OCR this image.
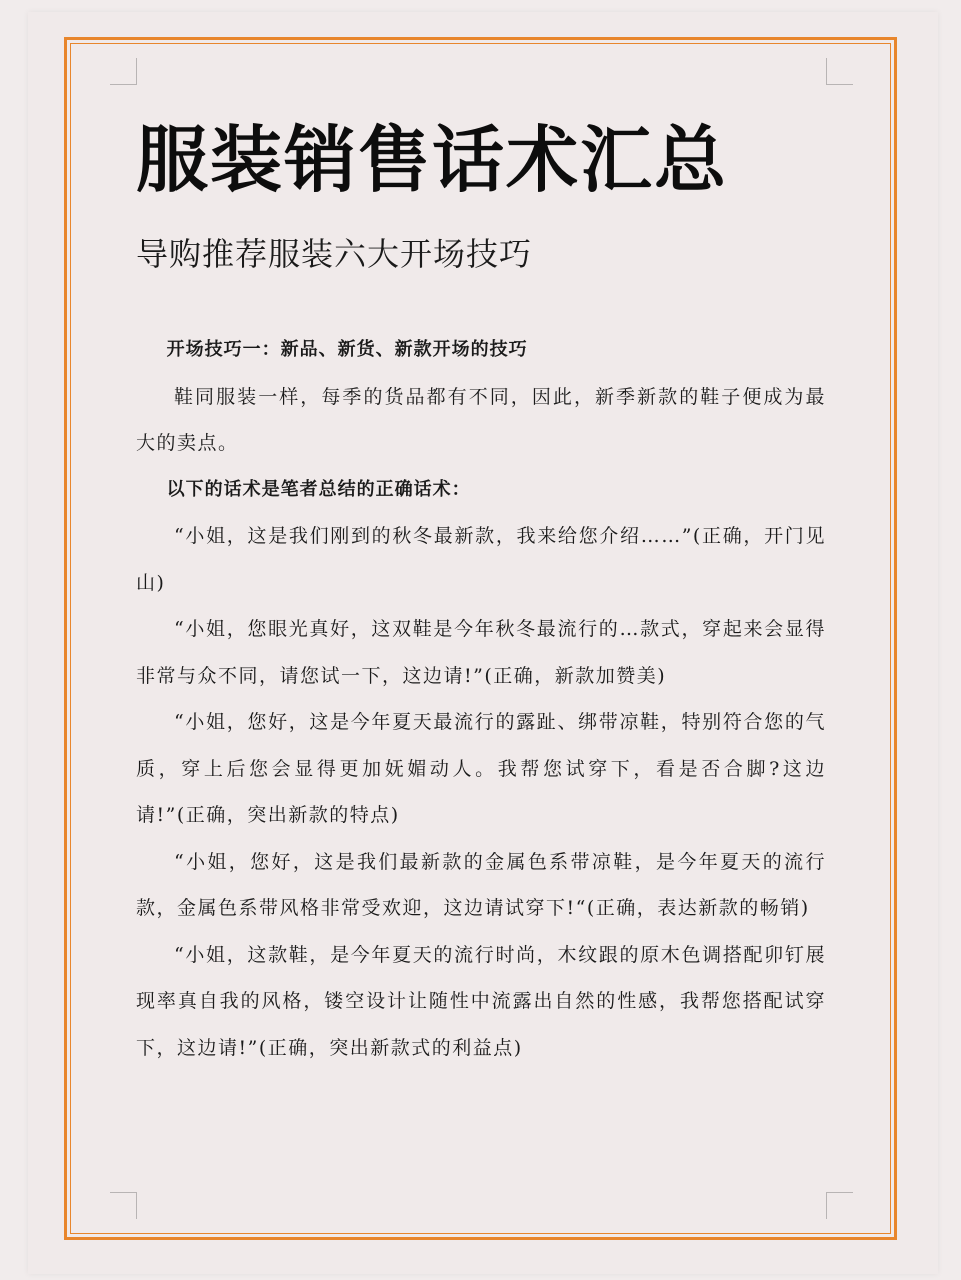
服装销售话术汇总
导购推荐服装六大开场技巧

开场技巧一：新品、新货、新款开场的技巧

鞋同服装一样，每季的货品都有不同，因此，新季新款的鞋子便成为最大的卖点。

以下的话术是笔者总结的正确话术：

“小姐，这是我们刚到的秋冬最新款，我来给您介绍……”(正确，开门见山)

“小姐，您眼光真好，这双鞋是今年秋冬最流行的…款式，穿起来会显得非常与众不同，请您试一下，这边请!”(正确，新款加赞美)

“小姐，您好，这是今年夏天最流行的露趾、绑带凉鞋，特别符合您的气质，穿上后您会显得更加妩媚动人。我帮您试穿下，看是否合脚?这边请!”(正确，突出新款的特点)

“小姐，您好，这是我们最新款的金属色系带凉鞋，是今年夏天的流行款，金属色系带风格非常受欢迎，这边请试穿下!“(正确，表达新款的畅销)

“小姐，这款鞋，是今年夏天的流行时尚，木纹跟的原木色调搭配卯钉展现率真自我的风格，镂空设计让随性中流露出自然的性感，我帮您搭配试穿下，这边请!”(正确，突出新款式的利益点)
